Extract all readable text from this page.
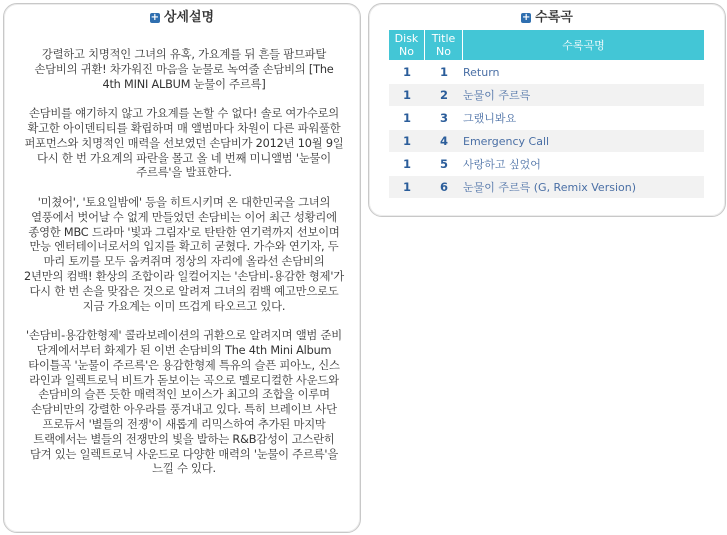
+ 상세설명

강렬하고 치명적인 그녀의 유혹, 가요계를 뒤 흔들 팜므파탈 손담비의 귀환! 차가워진 마음을 눈물로 녹여줄 손담비의 [The 4th MINI ALBUM 눈물이 주르륵]

손담비를 얘기하지 않고 가요계를 논할 수 없다! 솔로 여가수로의 확고한 아이덴티티를 확립하며 매 앨범마다 차원이 다른 파워풀한 퍼포먼스와 치명적인 매력을 선보였던 손담비가 2012년 10월 9일 다시 한 번 가요계의 파란을 몰고 올 네 번째 미니앨범 '눈물이 주르륵'을 발표한다.

'미쳤어', '토요일밤에' 등을 히트시키며 온 대한민국을 그녀의 열풍에서 벗어날 수 없게 만들었던 손담비는 이어 최근 성황리에 종영한 MBC 드라마 '빛과 그림자'로 탄탄한 연기력까지 선보이며 만능 엔터테이너로서의 입지를 확고히 굳혔다. 가수와 연기자, 두 마리 토끼를 모두 움켜쥐며 정상의 자리에 올라선 손담비의 2년만의 컴백! 환상의 조합이라 일컬어지는 '손담비-용감한 형제'가 다시 한 번 손을 맞잡은 것으로 알려져 그녀의 컴백 예고만으로도 지금 가요계는 이미 뜨겁게 타오르고 있다.

'손담비-용감한형제' 콜라보레이션의 귀환으로 알려지며 앨범 준비 단계에서부터 화제가 된 이번 손담비의 The 4th Mini Album 타이틀곡 '눈물이 주르륵'은 용감한형제 특유의 슬픈 피아노, 신스 라인과 일렉트로닉 비트가 돋보이는 곡으로 멜로디컬한 사운드와 손담비의 슬픈 듯한 매력적인 보이스가 최고의 조합을 이루며 손담비만의 강렬한 아우라를 풍겨내고 있다. 특히 브레이브 사단 프로듀서 '별들의 전쟁'이 새롭게 리믹스하여 추가된 마지막 트랙에서는 별들의 전쟁만의 빛을 발하는 R&B감성이 고스란히 담겨 있는 일렉트로닉 사운드로 다양한 매력의 '눈물이 주르륵'을 느낄 수 있다.

+ 수록곡
Disk No	Title No	수록곡명
1	1	Return
1	2	눈물이 주르륵
1	3	그랬니봐요
1	4	Emergency Call
1	5	사랑하고 싶었어
1	6	눈물이 주르륵 (G, Remix Version)
